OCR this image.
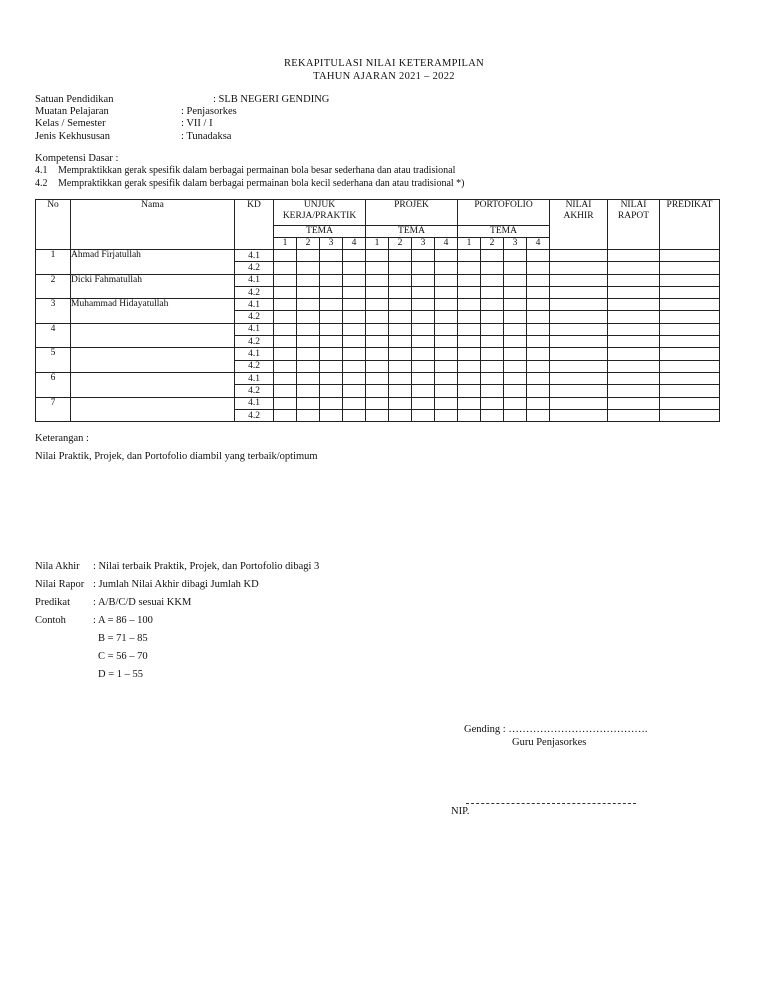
REKAPITULASI NILAI KETERAMPILAN
TAHUN AJARAN 2021 – 2022
Satuan Pendidikan	: SLB NEGERI GENDING
Muatan Pelajaran	: Penjasorkes
Kelas / Semester	: VII / I
Jenis Kekhususan	: Tunadaksa
Kompetensi Dasar :
4.1 Mempraktikkan gerak spesifik dalam berbagai permainan bola besar sederhana dan atau tradisional
4.2 Mempraktikkan gerak spesifik dalam berbagai permainan bola kecil sederhana dan atau tradisional *)
No	Nama	KD	UNJUK KERJA/PRAKTIK				PROJEK				PORTOFOLIO				NILAI AKHIR	NILAI RAPOT	PREDIKAT
			TEMA				TEMA				TEMA						
			1	2	3	4	1	2	3	4	1	2	3	4			
1	Ahmad Firjatullah	4.1															
		4.2															
2	Dicki Fahmatullah	4.1															
		4.2															
3	Muhammad Hidayatullah	4.1															
		4.2															
4		4.1															
		4.2															
5		4.1															
		4.2															
6		4.1															
		4.2															
7		4.1															
		4.2															
Keterangan :
Nilai Praktik, Projek, dan Portofolio diambil yang terbaik/optimum
Nila Akhir : Nilai terbaik Praktik, Projek, dan Portofolio dibagi 3
Nilai Rapor : Jumlah Nilai Akhir dibagi Jumlah KD
Predikat : A/B/C/D sesuai KKM
Contoh	: A = 86 – 100
B = 71 – 85
C = 56 – 70
D = 1 – 55
Gending : ………………………………….
Guru Penjasorkes
NIP.
